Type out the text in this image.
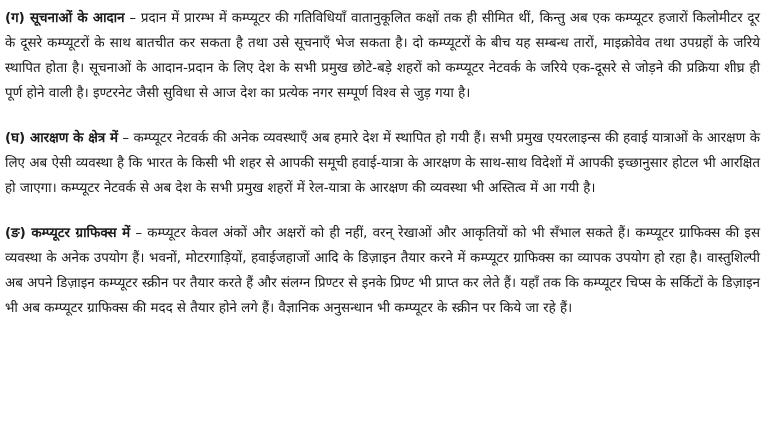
(ग) सूचनाओं के आदान – प्रदान में प्रारम्भ में कम्प्यूटर की गतिविधियाँ वातानुकूलित कक्षों तक ही सीमित थीं, किन्तु अब एक कम्प्यूटर हजारों किलोमीटर दूर के दूसरे कम्प्यूटरों के साथ बातचीत कर सकता है तथा उसे सूचनाएँ भेज सकता है। दो कम्प्यूटरों के बीच यह सम्बन्ध तारों, माइक्रोवेव तथा उपग्रहों के जरिये स्थापित होता है। सूचनाओं के आदान-प्रदान के लिए देश के सभी प्रमुख छोटे-बड़े शहरों को कम्प्यूटर नेटवर्क के जरिये एक-दूसरे से जोड़ने की प्रक्रिया शीघ्र ही पूर्ण होने वाली है। इण्टरनेट जैसी सुविधा से आज देश का प्रत्येक नगर सम्पूर्ण विश्व से जुड़ गया है।

(घ) आरक्षण के क्षेत्र में – कम्प्यूटर नेटवर्क की अनेक व्यवस्थाएँ अब हमारे देश में स्थापित हो गयी हैं। सभी प्रमुख एयरलाइन्स की हवाई यात्राओं के आरक्षण के लिए अब ऐसी व्यवस्था है कि भारत के किसी भी शहर से आपकी समूची हवाई-यात्रा के आरक्षण के साथ-साथ विदेशों में आपकी इच्छानुसार होटल भी आरक्षित हो जाएगा। कम्प्यूटर नेटवर्क से अब देश के सभी प्रमुख शहरों में रेल-यात्रा के आरक्षण की व्यवस्था भी अस्तित्व में आ गयी है।

(ङ) कम्प्यूटर ग्राफिक्स में – कम्प्यूटर केवल अंकों और अक्षरों को ही नहीं, वरन् रेखाओं और आकृतियों को भी सँभाल सकते हैं। कम्प्यूटर ग्राफिक्स की इस व्यवस्था के अनेक उपयोग हैं। भवनों, मोटरगाड़ियों, हवाईजहाजों आदि के डिज़ाइन तैयार करने में कम्प्यूटर ग्राफिक्स का व्यापक उपयोग हो रहा है। वास्तुशिल्पी अब अपने डिज़ाइन कम्प्यूटर स्क्रीन पर तैयार करते हैं और संलग्न प्रिण्टर से इनके प्रिण्ट भी प्राप्त कर लेते हैं। यहाँ तक कि कम्प्यूटर चिप्स के सर्किटों के डिज़ाइन भी अब कम्प्यूटर ग्राफिक्स की मदद से तैयार होने लगे हैं। वैज्ञानिक अनुसन्धान भी कम्प्यूटर के स्क्रीन पर किये जा रहे हैं।
